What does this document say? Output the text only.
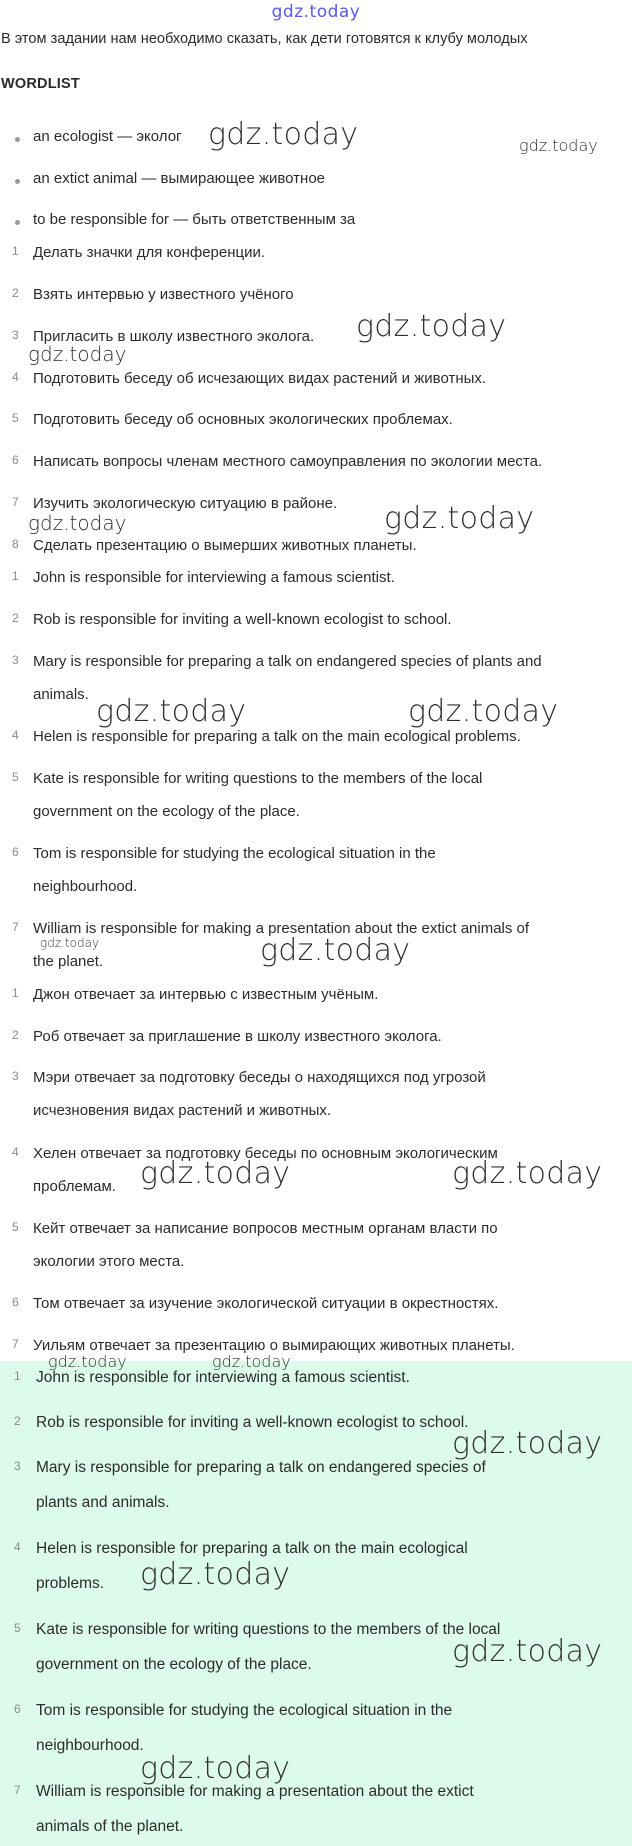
gdz.today
В этом задании нам необходимо сказать, как дети готовятся к клубу молодых
WORDLIST
an ecologist — эколог
an extict animal — вымирающее животное
to be responsible for — быть ответственным за
1 Делать значки для конференции.
2 Взять интервью у известного учёного
3 Пригласить в школу известного эколога.
4 Подготовить беседу об исчезающих видах растений и животных.
5 Подготовить беседу об основных экологических проблемах.
6 Написать вопросы членам местного самоуправления по экологии места.
7 Изучить экологическую ситуацию в районе.
8 Сделать презентацию о вымерших животных планеты.
1 John is responsible for interviewing a famous scientist.
2 Rob is responsible for inviting a well-known ecologist to school.
3 Mary is responsible for preparing a talk on endangered species of plants and
animals.
4 Helen is responsible for preparing a talk on the main ecological problems.
5 Kate is responsible for writing questions to the members of the local
government on the ecology of the place.
6 Tom is responsible for studying the ecological situation in the
neighbourhood.
7 William is responsible for making a presentation about the extict animals of
the planet.
1 Джон отвечает за интервью с известным учёным.
2 Роб отвечает за приглашение в школу известного эколога.
3 Мэри отвечает за подготовку беседы о находящихся под угрозой
исчезновения видах растений и животных.
4 Хелен отвечает за подготовку беседы по основным экологическим
проблемам.
5 Кейт отвечает за написание вопросов местным органам власти по
экологии этого места.
6 Том отвечает за изучение экологической ситуации в окрестностях.
7 Уильям отвечает за презентацию о вымирающих животных планеты.
1 John is responsible for interviewing a famous scientist.
2 Rob is responsible for inviting a well-known ecologist to school.
3 Mary is responsible for preparing a talk on endangered species of
plants and animals.
4 Helen is responsible for preparing a talk on the main ecological
problems.
5 Kate is responsible for writing questions to the members of the local
government on the ecology of the place.
6 Tom is responsible for studying the ecological situation in the
neighbourhood.
7 William is responsible for making a presentation about the extict
animals of the planet.
gdz.today	gdz.today
gdz.today
gdz.today
gdz.today
gdz.today
gdz.today	gdz.today
gdz.today	gdz.today
gdz.today	gdz.today
gdz.today	gdz.today
gdz.today
gdz.today
gdz.today
gdz.today
